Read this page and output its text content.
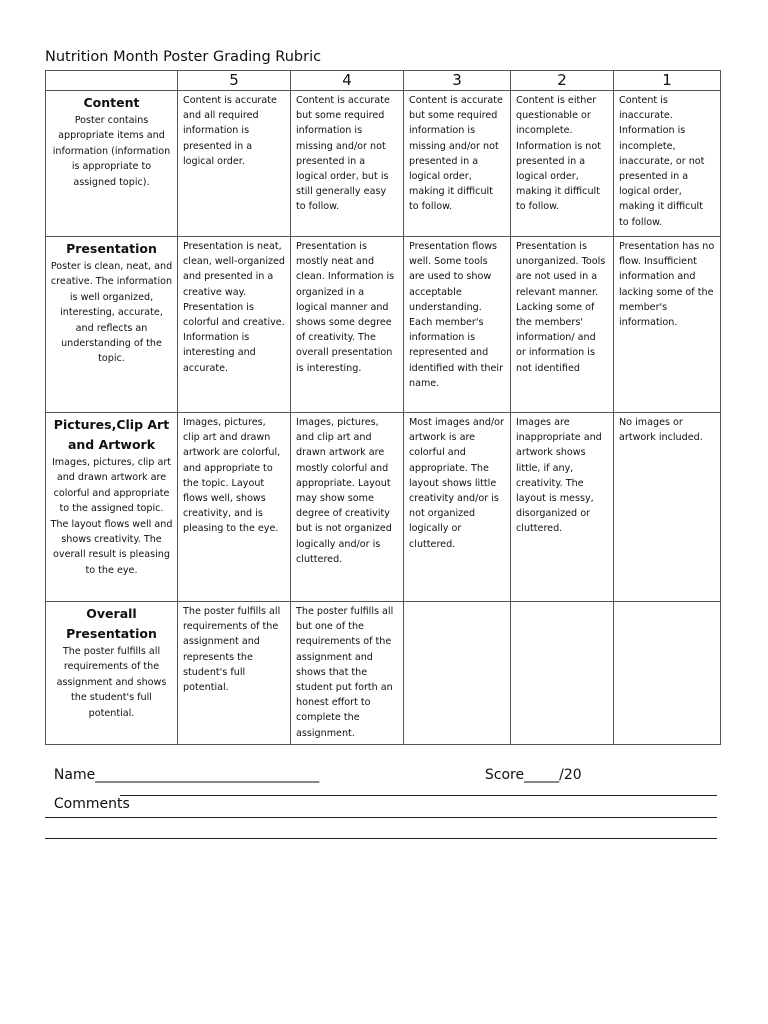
Nutrition Month Poster Grading Rubric
	5	4	3	2	1

Content
Poster contains appropriate items and information (information is appropriate to assigned topic).	Content is accurate and all required information is presented in a logical order.	Content is accurate but some required information is missing and/or not presented in a logical order, but is still generally easy to follow.	Content is accurate but some required information is missing and/or not presented in a logical order, making it difficult to follow.	Content is either questionable or incomplete. Information is not presented in a logical order, making it difficult to follow.	Content is inaccurate. Information is incomplete, inaccurate, or not presented in a logical order, making it difficult to follow.

Presentation
Poster is clean, neat, and creative. The information is well organized, interesting, accurate, and reflects an understanding of the topic.	Presentation is neat, clean, well-organized and presented in a creative way. Presentation is colorful and creative. Information is interesting and accurate.	Presentation is mostly neat and clean. Information is organized in a logical manner and shows some degree of creativity. The overall presentation is interesting.	Presentation flows well. Some tools are used to show acceptable understanding. Each member's information is represented and identified with their name.	Presentation is unorganized. Tools are not used in a relevant manner. Lacking some of the members' information/ and or information is not identified	Presentation has no flow. Insufficient information and lacking some of the member's information.

Pictures,Clip Art and Artwork
Images, pictures, clip art and drawn artwork are colorful and appropriate to the assigned topic. The layout flows well and shows creativity. The overall result is pleasing to the eye.	Images, pictures, clip art and drawn artwork are colorful, and appropriate to the topic. Layout flows well, shows creativity, and is pleasing to the eye.	Images, pictures, and clip art and drawn artwork are mostly colorful and appropriate. Layout may show some degree of creativity but is not organized logically and/or is cluttered.	Most images and/or artwork is are colorful and appropriate. The layout shows little creativity and/or is not organized logically or cluttered.	Images are inappropriate and artwork shows little, if any, creativity. The layout is messy, disorganized or cluttered.	No images or artwork included.

Overall Presentation
The poster fulfills all requirements of the assignment and shows the student's full potential.	The poster fulfills all requirements of the assignment and represents the student's full potential.	The poster fulfills all but one of the requirements of the assignment and shows that the student put forth an honest effort to complete the assignment.			

Name________________________________	Score_____/20

Comments
